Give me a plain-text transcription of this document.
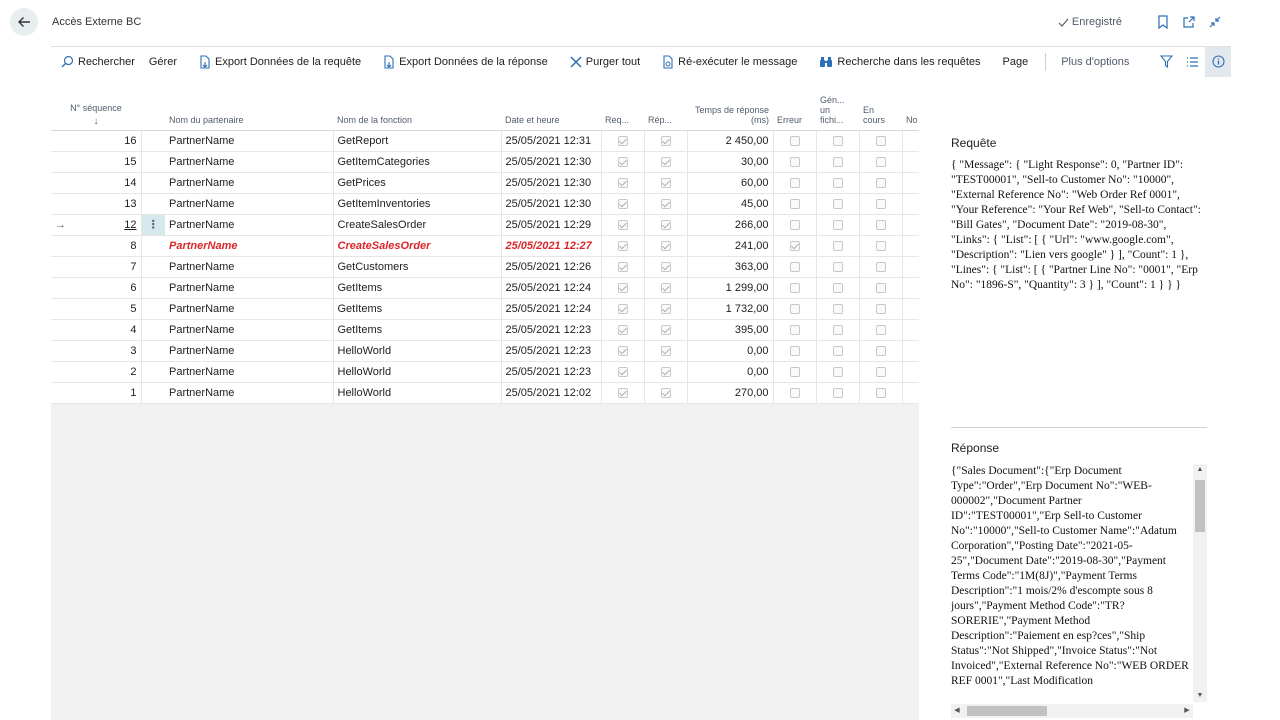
Accès Externe BC	Enregistré
Rechercher Gérer	Export Données de la requête	Export Données de la réponse	Purger tout	Ré-exécuter le message	Recherche dans les requêtes Page	Plus d'options
N° séquence
↓		Nom du partenaire	Nom de la fonction	Date et heure	Req...	Rép...	Temps de réponse (ms)	Erreur	Gén... un fichi...	En cours	No
16		PartnerName	GetReport	25/05/2021 12:31			2 450,00				
15		PartnerName	GetItemCategories	25/05/2021 12:30			30,00				
14		PartnerName	GetPrices	25/05/2021 12:30			60,00				
13		PartnerName	GetItemInventories	25/05/2021 12:30			45,00				

→ 12	⋮	PartnerName	CreateSalesOrder	25/05/2021 12:29			266,00				
8		PartnerName	CreateSalesOrder	25/05/2021 12:27			241,00				
7		PartnerName	GetCustomers	25/05/2021 12:26			363,00				
6		PartnerName	GetItems	25/05/2021 12:24			1 299,00				
5		PartnerName	GetItems	25/05/2021 12:24			1 732,00				
4		PartnerName	GetItems	25/05/2021 12:23			395,00				
3		PartnerName	HelloWorld	25/05/2021 12:23			0,00				
2		PartnerName	HelloWorld	25/05/2021 12:23			0,00				
1		PartnerName	HelloWorld	25/05/2021 12:02			270,00				
Requête
{ "Message": { "Light Response": 0, "Partner ID": "TEST00001", "Sell-to Customer No": "10000", "External Reference No": "Web Order Ref 0001", "Your Reference": "Your Ref Web", "Sell-to Contact": "Bill Gates", "Document Date": "2019-08-30", "Links": { "List": [ { "Url": "www.google.com", "Description": "Lien vers google" } ], "Count": 1 }, "Lines": { "List": [ { "Partner Line No": "0001", "Erp No": "1896-S", "Quantity": 3 } ], "Count": 1 } } }
Réponse
{"Sales Document":{"Erp Document Type":"Order","Erp Document No":"WEB-000002","Document Partner ID":"TEST00001","Erp Sell-to Customer No":"10000","Sell-to Customer Name":"Adatum Corporation","Posting Date":"2021-05-25","Document Date":"2019-08-30","Payment Terms Code":"1M(8J)","Payment Terms Description":"1 mois/2% d'escompte sous 8 jours","Payment Method Code":"TR?SORERIE","Payment Method Description":"Paiement en esp?ces","Ship Status":"Not Shipped","Invoice Status":"Not Invoiced","External Reference No":"WEB ORDER REF 0001","Last Modification
▲
▼
◀	▶
